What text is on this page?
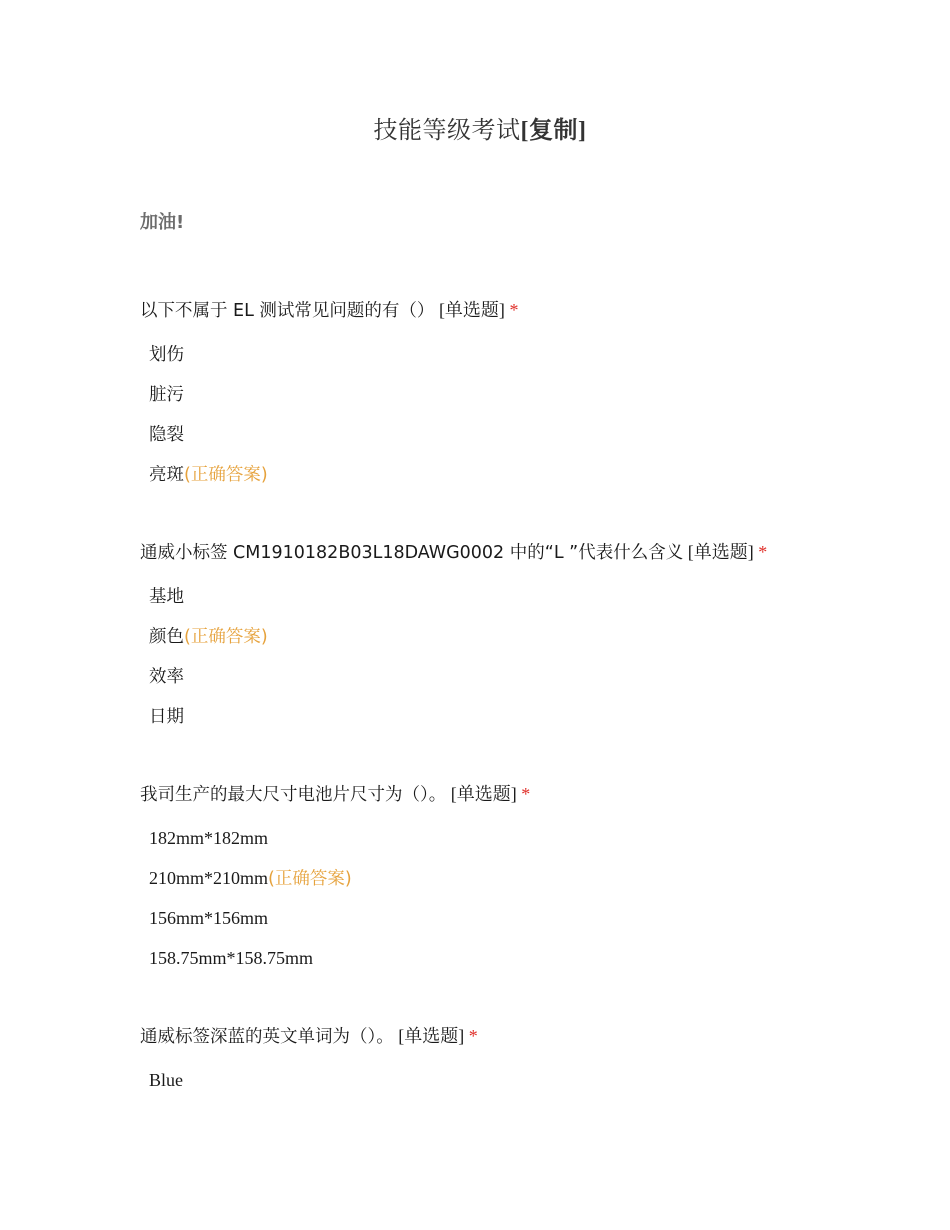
技能等级考试[复制]
加油!
以下不属于 EL 测试常见问题的有（） [单选题] *
划伤
脏污
隐裂
亮斑(正确答案)
通威小标签 CM1910182B03L18DAWG0002 中的“L ”代表什么含义 [单选题] *
基地
颜色(正确答案)
效率
日期
我司生产的最大尺寸电池片尺寸为（）。 [单选题] *
182mm*182mm
210mm*210mm(正确答案)
156mm*156mm
158.75mm*158.75mm
通威标签深蓝的英文单词为（）。 [单选题] *
Blue
